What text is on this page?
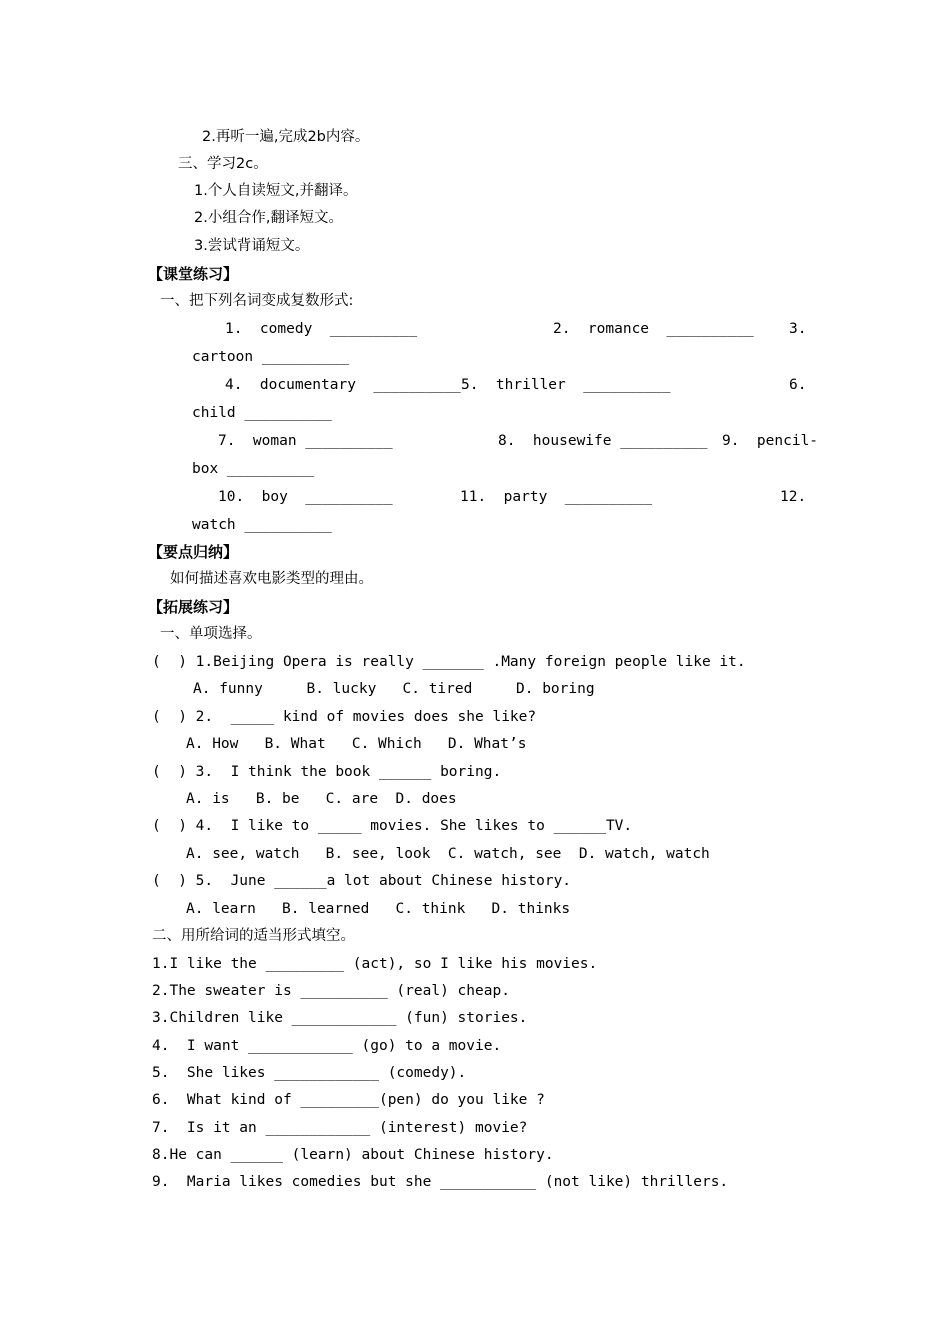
2.再听一遍,完成2b内容。
三、学习2c。
1.个人自读短文,并翻译。
2.小组合作,翻译短文。
3.尝试背诵短文。
【课堂练习】
一、把下列名词变成复数形式:
1.  comedy  __________	2.  romance  __________ 3.
cartoon __________
4.  documentary  __________ 5.  thriller  __________	6.
child __________
7.  woman __________	8.  housewife __________ 9.  pencil-
box __________
10.  boy  __________	11.  party  __________	12.
watch __________
【要点归纳】
如何描述喜欢电影类型的理由。
【拓展练习】
一、单项选择。
(  ) 1.Beijing Opera is really _______ .Many foreign people like it.
A. funny     B. lucky   C. tired     D. boring
(  ) 2.  _____ kind of movies does she like?
A. How   B. What   C. Which   D. What’s
(  ) 3.  I think the book ______ boring.
A. is   B. be   C. are  D. does
(  ) 4.  I like to _____ movies. She likes to ______TV.
A. see, watch   B. see, look  C. watch, see  D. watch, watch
(  ) 5.  June ______a lot about Chinese history.
A. learn   B. learned   C. think   D. thinks
二、用所给词的适当形式填空。
1.I like the _________ (act), so I like his movies.
2.The sweater is __________ (real) cheap.
3.Children like ____________ (fun) stories.
4.  I want ____________ (go) to a movie.
5.  She likes ____________ (comedy).
6.  What kind of _________(pen) do you like ?
7.  Is it an ____________ (interest) movie?
8.He can ______ (learn) about Chinese history.
9.  Maria likes comedies but she ___________ (not like) thrillers.
